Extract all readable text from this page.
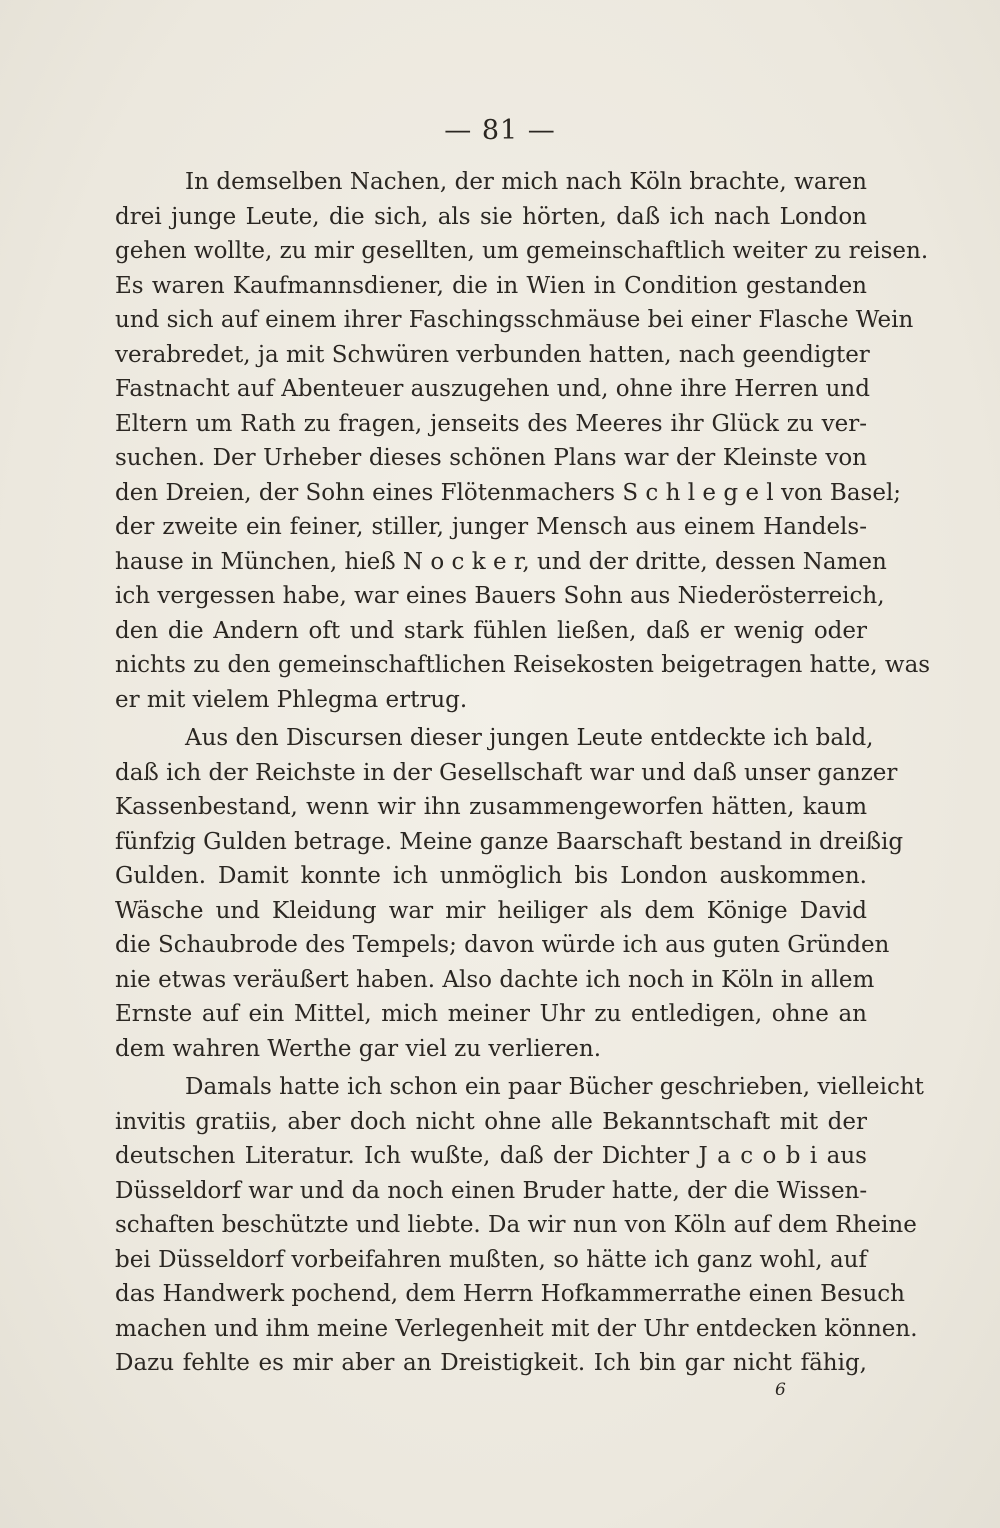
— 81 —
In demselben Nachen, der mich nach Köln brachte, waren
drei junge Leute, die sich, als sie hörten, daß ich nach London
gehen wollte, zu mir gesellten, um gemeinschaftlich weiter zu reisen.
Es waren Kaufmannsdiener, die in Wien in Condition gestanden
und sich auf einem ihrer Faschingsschmäuse bei einer Flasche Wein
verabredet, ja mit Schwüren verbunden hatten, nach geendigter
Fastnacht auf Abenteuer auszugehen und, ohne ihre Herren und
Eltern um Rath zu fragen, jenseits des Meeres ihr Glück zu ver-
suchen. Der Urheber dieses schönen Plans war der Kleinste von
den Dreien, der Sohn eines Flötenmachers S c h l e g e l von Basel;
der zweite ein feiner, stiller, junger Mensch aus einem Handels-
hause in München, hieß N o c k e r, und der dritte, dessen Namen
ich vergessen habe, war eines Bauers Sohn aus Niederösterreich,
den die Andern oft und stark fühlen ließen, daß er wenig oder
nichts zu den gemeinschaftlichen Reisekosten beigetragen hatte, was
er mit vielem Phlegma ertrug.
Aus den Discursen dieser jungen Leute entdeckte ich bald,
daß ich der Reichste in der Gesellschaft war und daß unser ganzer
Kassenbestand, wenn wir ihn zusammengeworfen hätten, kaum
fünfzig Gulden betrage. Meine ganze Baarschaft bestand in dreißig
Gulden. Damit konnte ich unmöglich bis London auskommen.
Wäsche und Kleidung war mir heiliger als dem Könige David
die Schaubrode des Tempels; davon würde ich aus guten Gründen
nie etwas veräußert haben. Also dachte ich noch in Köln in allem
Ernste auf ein Mittel, mich meiner Uhr zu entledigen, ohne an
dem wahren Werthe gar viel zu verlieren.
Damals hatte ich schon ein paar Bücher geschrieben, vielleicht
invitis gratiis, aber doch nicht ohne alle Bekanntschaft mit der
deutschen Literatur. Ich wußte, daß der Dichter J a c o b i aus
Düsseldorf war und da noch einen Bruder hatte, der die Wissen-
schaften beschützte und liebte. Da wir nun von Köln auf dem Rheine
bei Düsseldorf vorbeifahren mußten, so hätte ich ganz wohl, auf
das Handwerk pochend, dem Herrn Hofkammerrathe einen Besuch
machen und ihm meine Verlegenheit mit der Uhr entdecken können.
Dazu fehlte es mir aber an Dreistigkeit. Ich bin gar nicht fähig,
6
